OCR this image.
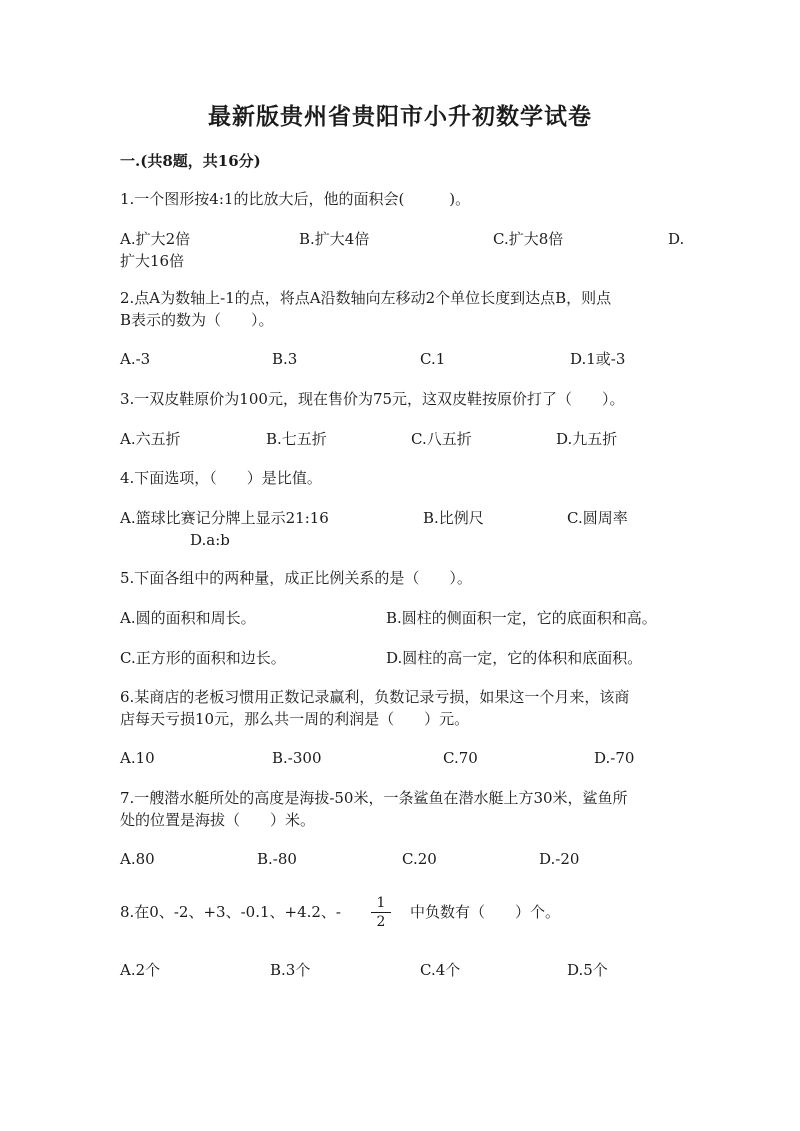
最新版贵州省贵阳市小升初数学试卷
一.(共8题，共16分)
1.一个图形按4:1的比放大后，他的面积会(　　　)。
A.扩大2倍	B.扩大4倍	C.扩大8倍	D.
扩大16倍
2.点A为数轴上-1的点，将点A沿数轴向左移动2个单位长度到达点B，则点
B表示的数为（　　）。
A.-3	B.3	C.1	D.1或-3
3.一双皮鞋原价为100元，现在售价为75元，这双皮鞋按原价打了（　　）。
A.六五折	B.七五折	C.八五折	D.九五折
4.下面选项，（　　）是比值。
A.篮球比赛记分牌上显示21:16	B.比例尺	C.圆周率
D.a:b
5.下面各组中的两种量，成正比例关系的是（　　）。
A.圆的面积和周长。	B.圆柱的侧面积一定，它的底面积和高。
C.正方形的面积和边长。	D.圆柱的高一定，它的体积和底面积。
6.某商店的老板习惯用正数记录赢利，负数记录亏损，如果这一个月来，该商
店每天亏损10元，那么共一周的利润是（　　）元。
A.10	B.-300	C.70	D.-70
7.一艘潜水艇所处的高度是海拔-50米，一条鲨鱼在潜水艇上方30米，鲨鱼所
处的位置是海拔（　　）米。
A.80	B.-80	C.20	D.-20
8.在0、-2、+3、-0.1、+4.2、- $\frac{1}{2}$ 中负数有（　　）个。
A.2个	B.3个	C.4个	D.5个
